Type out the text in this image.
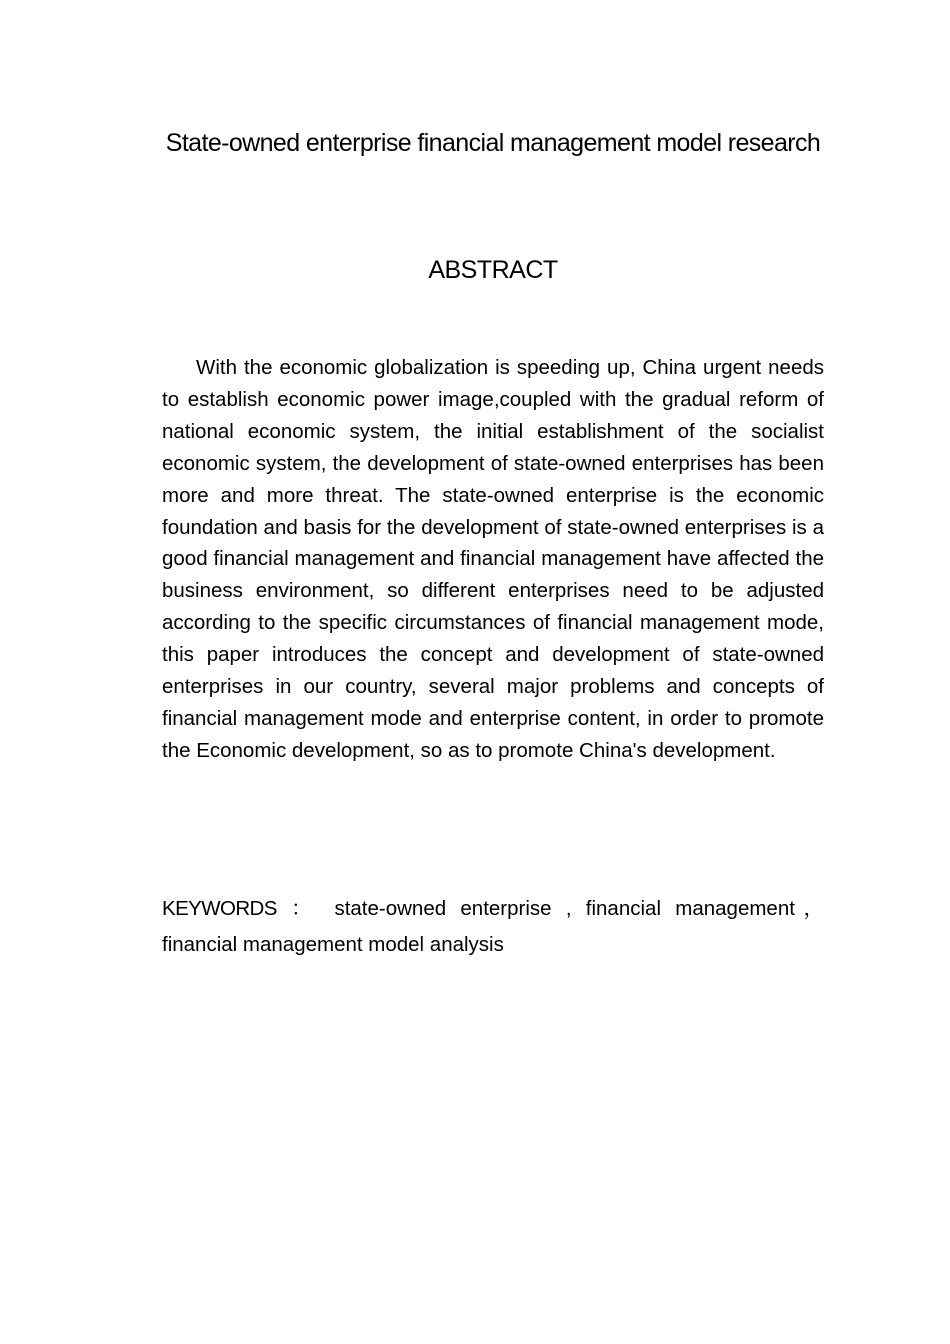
State-owned enterprise financial management model research
ABSTRACT

With the economic globalization is speeding up, China urgent needs to establish economic power image,coupled with the gradual reform of national economic system, the initial establishment of the socialist economic system, the development of state-owned enterprises has been more and more threat. The state-owned enterprise is the economic foundation and basis for the development of state-owned enterprises is a good financial management and financial management have affected the business environment, so different enterprises need to be adjusted according to the specific circumstances of financial management mode, this paper introduces the concept and development of state-owned enterprises in our country, several major problems and concepts of financial management mode and enterprise content, in order to promote the Economic development, so as to promote China's development.

KEYWORDS ： state-owned enterprise , financial management， financial management model analysis
